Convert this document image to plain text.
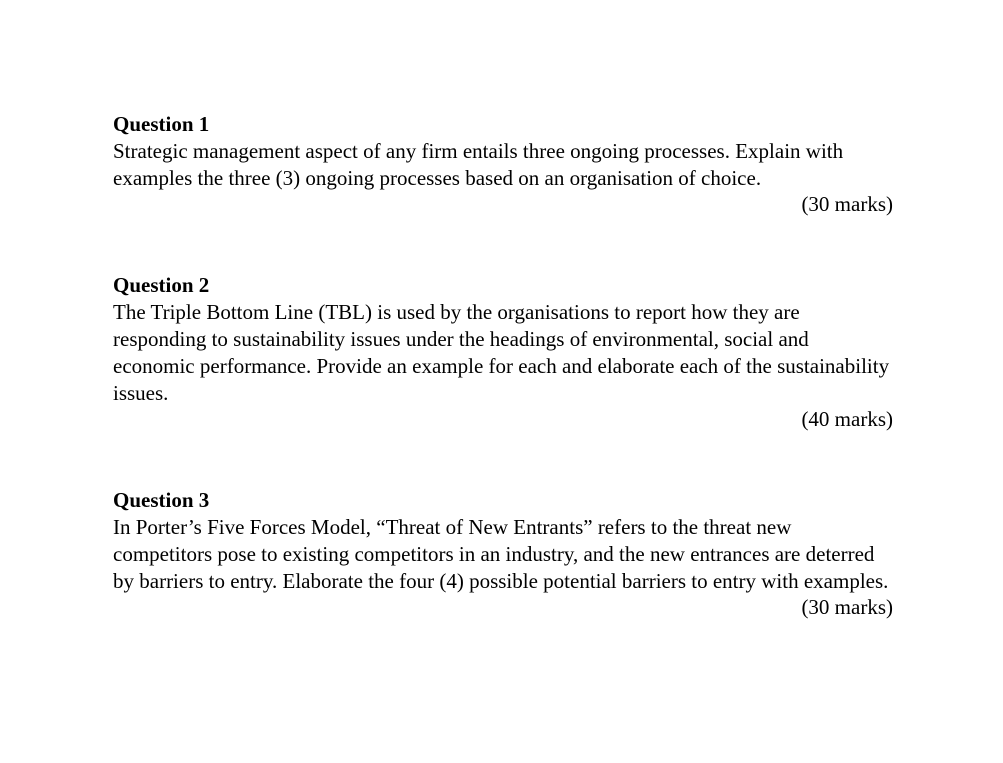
Question 1

Strategic management aspect of any firm entails three ongoing processes. Explain with examples the three (3) ongoing processes based on an organisation of choice.

(30 marks)

Question 2

The Triple Bottom Line (TBL) is used by the organisations to report how they are responding to sustainability issues under the headings of environmental, social and economic performance. Provide an example for each and elaborate each of the sustainability issues.

(40 marks)

Question 3

In Porter’s Five Forces Model, “Threat of New Entrants” refers to the threat new competitors pose to existing competitors in an industry, and the new entrances are deterred by barriers to entry. Elaborate the four (4) possible potential barriers to entry with examples.

(30 marks)
